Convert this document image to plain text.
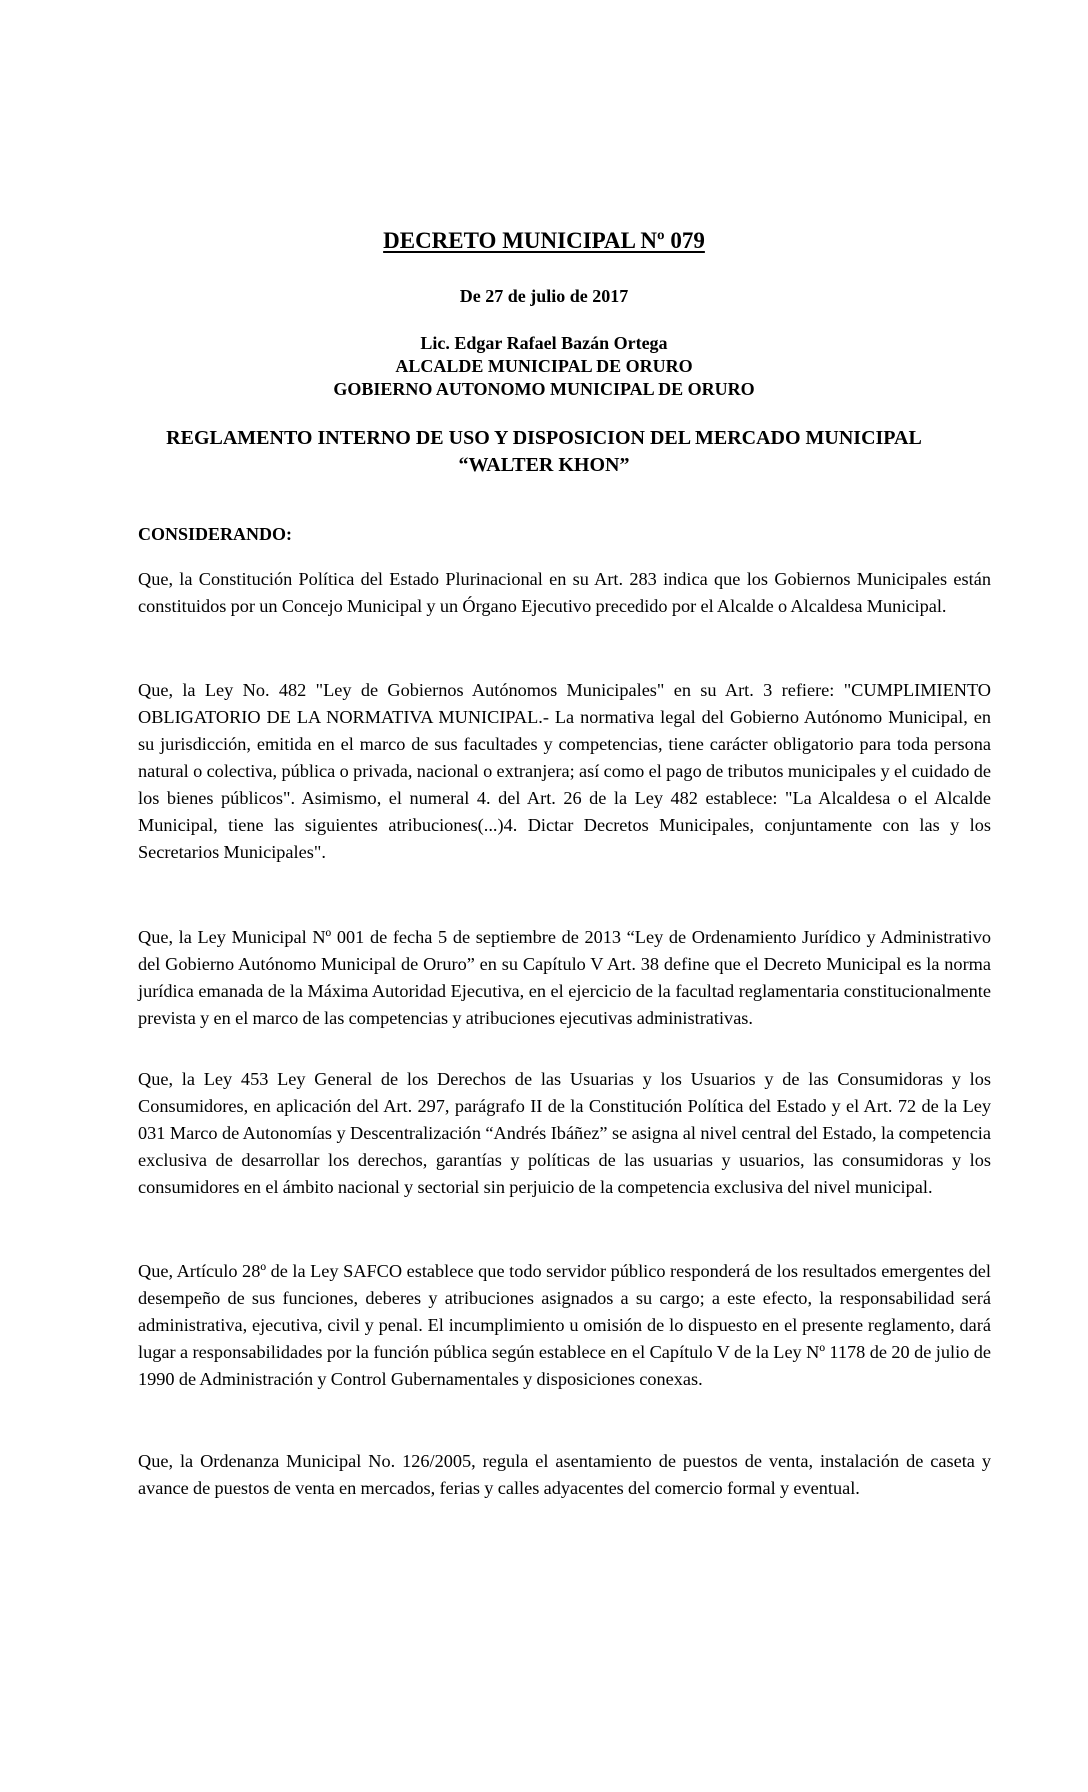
DECRETO MUNICIPAL Nº 079
De 27 de julio de 2017
Lic. Edgar Rafael Bazán Ortega
ALCALDE MUNICIPAL DE ORURO
GOBIERNO AUTONOMO MUNICIPAL DE ORURO
REGLAMENTO INTERNO DE USO Y DISPOSICION DEL MERCADO MUNICIPAL
“WALTER KHON”
CONSIDERANDO:

Que, la Constitución Política del Estado Plurinacional en su Art. 283 indica que los Gobiernos Municipales están constituidos por un Concejo Municipal y un Órgano Ejecutivo precedido por el Alcalde o Alcaldesa Municipal.

Que, la Ley No. 482 "Ley de Gobiernos Autónomos Municipales" en su Art. 3 refiere: "CUMPLIMIENTO OBLIGATORIO DE LA NORMATIVA MUNICIPAL.- La normativa legal del Gobierno Autónomo Municipal, en su jurisdicción, emitida en el marco de sus facultades y competencias, tiene carácter obligatorio para toda persona natural o colectiva, pública o privada, nacional o extranjera; así como el pago de tributos municipales y el cuidado de los bienes públicos". Asimismo, el numeral 4. del Art. 26 de la Ley 482 establece: "La Alcaldesa o el Alcalde Municipal, tiene las siguientes atribuciones(...)4. Dictar Decretos Municipales, conjuntamente con las y los Secretarios Municipales".

Que, la Ley Municipal Nº 001 de fecha 5 de septiembre de 2013 “Ley de Ordenamiento Jurídico y Administrativo del Gobierno Autónomo Municipal de Oruro” en su Capítulo V Art. 38 define que el Decreto Municipal es la norma jurídica emanada de la Máxima Autoridad Ejecutiva, en el ejercicio de la facultad reglamentaria constitucionalmente prevista y en el marco de las competencias y atribuciones ejecutivas administrativas.

Que, la Ley 453 Ley General de los Derechos de las Usuarias y los Usuarios y de las Consumidoras y los Consumidores, en aplicación del Art. 297, parágrafo II de la Constitución Política del Estado y el Art. 72 de la Ley 031 Marco de Autonomías y Descentralización “Andrés Ibáñez” se asigna al nivel central del Estado, la competencia exclusiva de desarrollar los derechos, garantías y políticas de las usuarias y usuarios, las consumidoras y los consumidores en el ámbito nacional y sectorial sin perjuicio de la competencia exclusiva del nivel municipal.

Que, Artículo 28º de la Ley SAFCO establece que todo servidor público responderá de los resultados emergentes del desempeño de sus funciones, deberes y atribuciones asignados a su cargo; a este efecto, la responsabilidad será administrativa, ejecutiva, civil y penal. El incumplimiento u omisión de lo dispuesto en el presente reglamento, dará lugar a responsabilidades por la función pública según establece en el Capítulo V de la Ley Nº 1178 de 20 de julio de 1990 de Administración y Control Gubernamentales y disposiciones conexas.

Que, la Ordenanza Municipal No. 126/2005, regula el asentamiento de puestos de venta, instalación de caseta y avance de puestos de venta en mercados, ferias y calles adyacentes del comercio formal y eventual.
